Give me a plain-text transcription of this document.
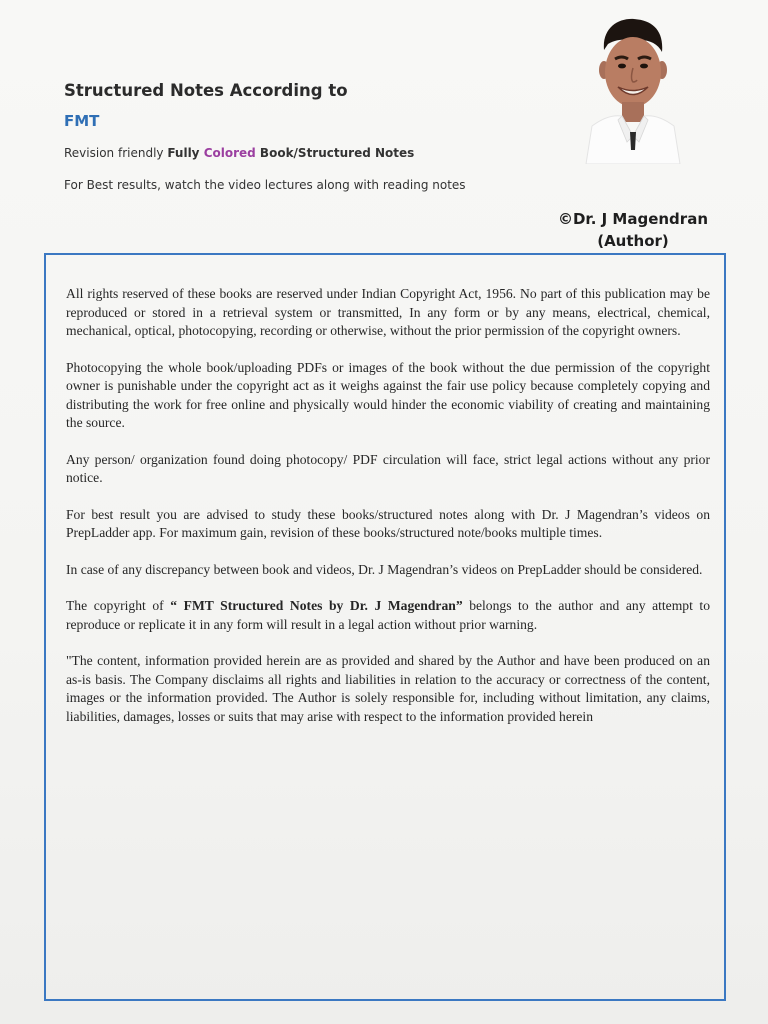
Structured Notes According to
FMT
Revision friendly Fully Colored Book/Structured Notes
For Best results, watch the video lectures along with reading notes
©Dr. J Magendran
(Author)

All rights reserved of these books are reserved under Indian Copyright Act, 1956. No part of this publication may be reproduced or stored in a retrieval system or transmitted, In any form or by any means, electrical, chemical, mechanical, optical, photocopying, recording or otherwise, without the prior permission of the copyright owners.

Photocopying the whole book/uploading PDFs or images of the book without the due permission of the copyright owner is punishable under the copyright act as it weighs against the fair use policy because completely copying and distributing the work for free online and physically would hinder the economic viability of creating and maintaining the source.

Any person/ organization found doing photocopy/ PDF circulation will face, strict legal actions without any prior notice.

For best result you are advised to study these books/structured notes along with Dr. J Magendran’s videos on PrepLadder app. For maximum gain, revision of these books/structured note/books multiple times.

In case of any discrepancy between book and videos, Dr. J Magendran’s videos on PrepLadder should be considered.

The copyright of “ FMT Structured Notes by Dr. J Magendran” belongs to the author and any attempt to reproduce or replicate it in any form will result in a legal action without prior warning.

"The content, information provided herein are as provided and shared by the Author and have been produced on an as-is basis. The Company disclaims all rights and liabilities in relation to the accuracy or correctness of the content, images or the information provided. The Author is solely responsible for, including without limitation, any claims, liabilities, damages, losses or suits that may arise with respect to the information provided herein
